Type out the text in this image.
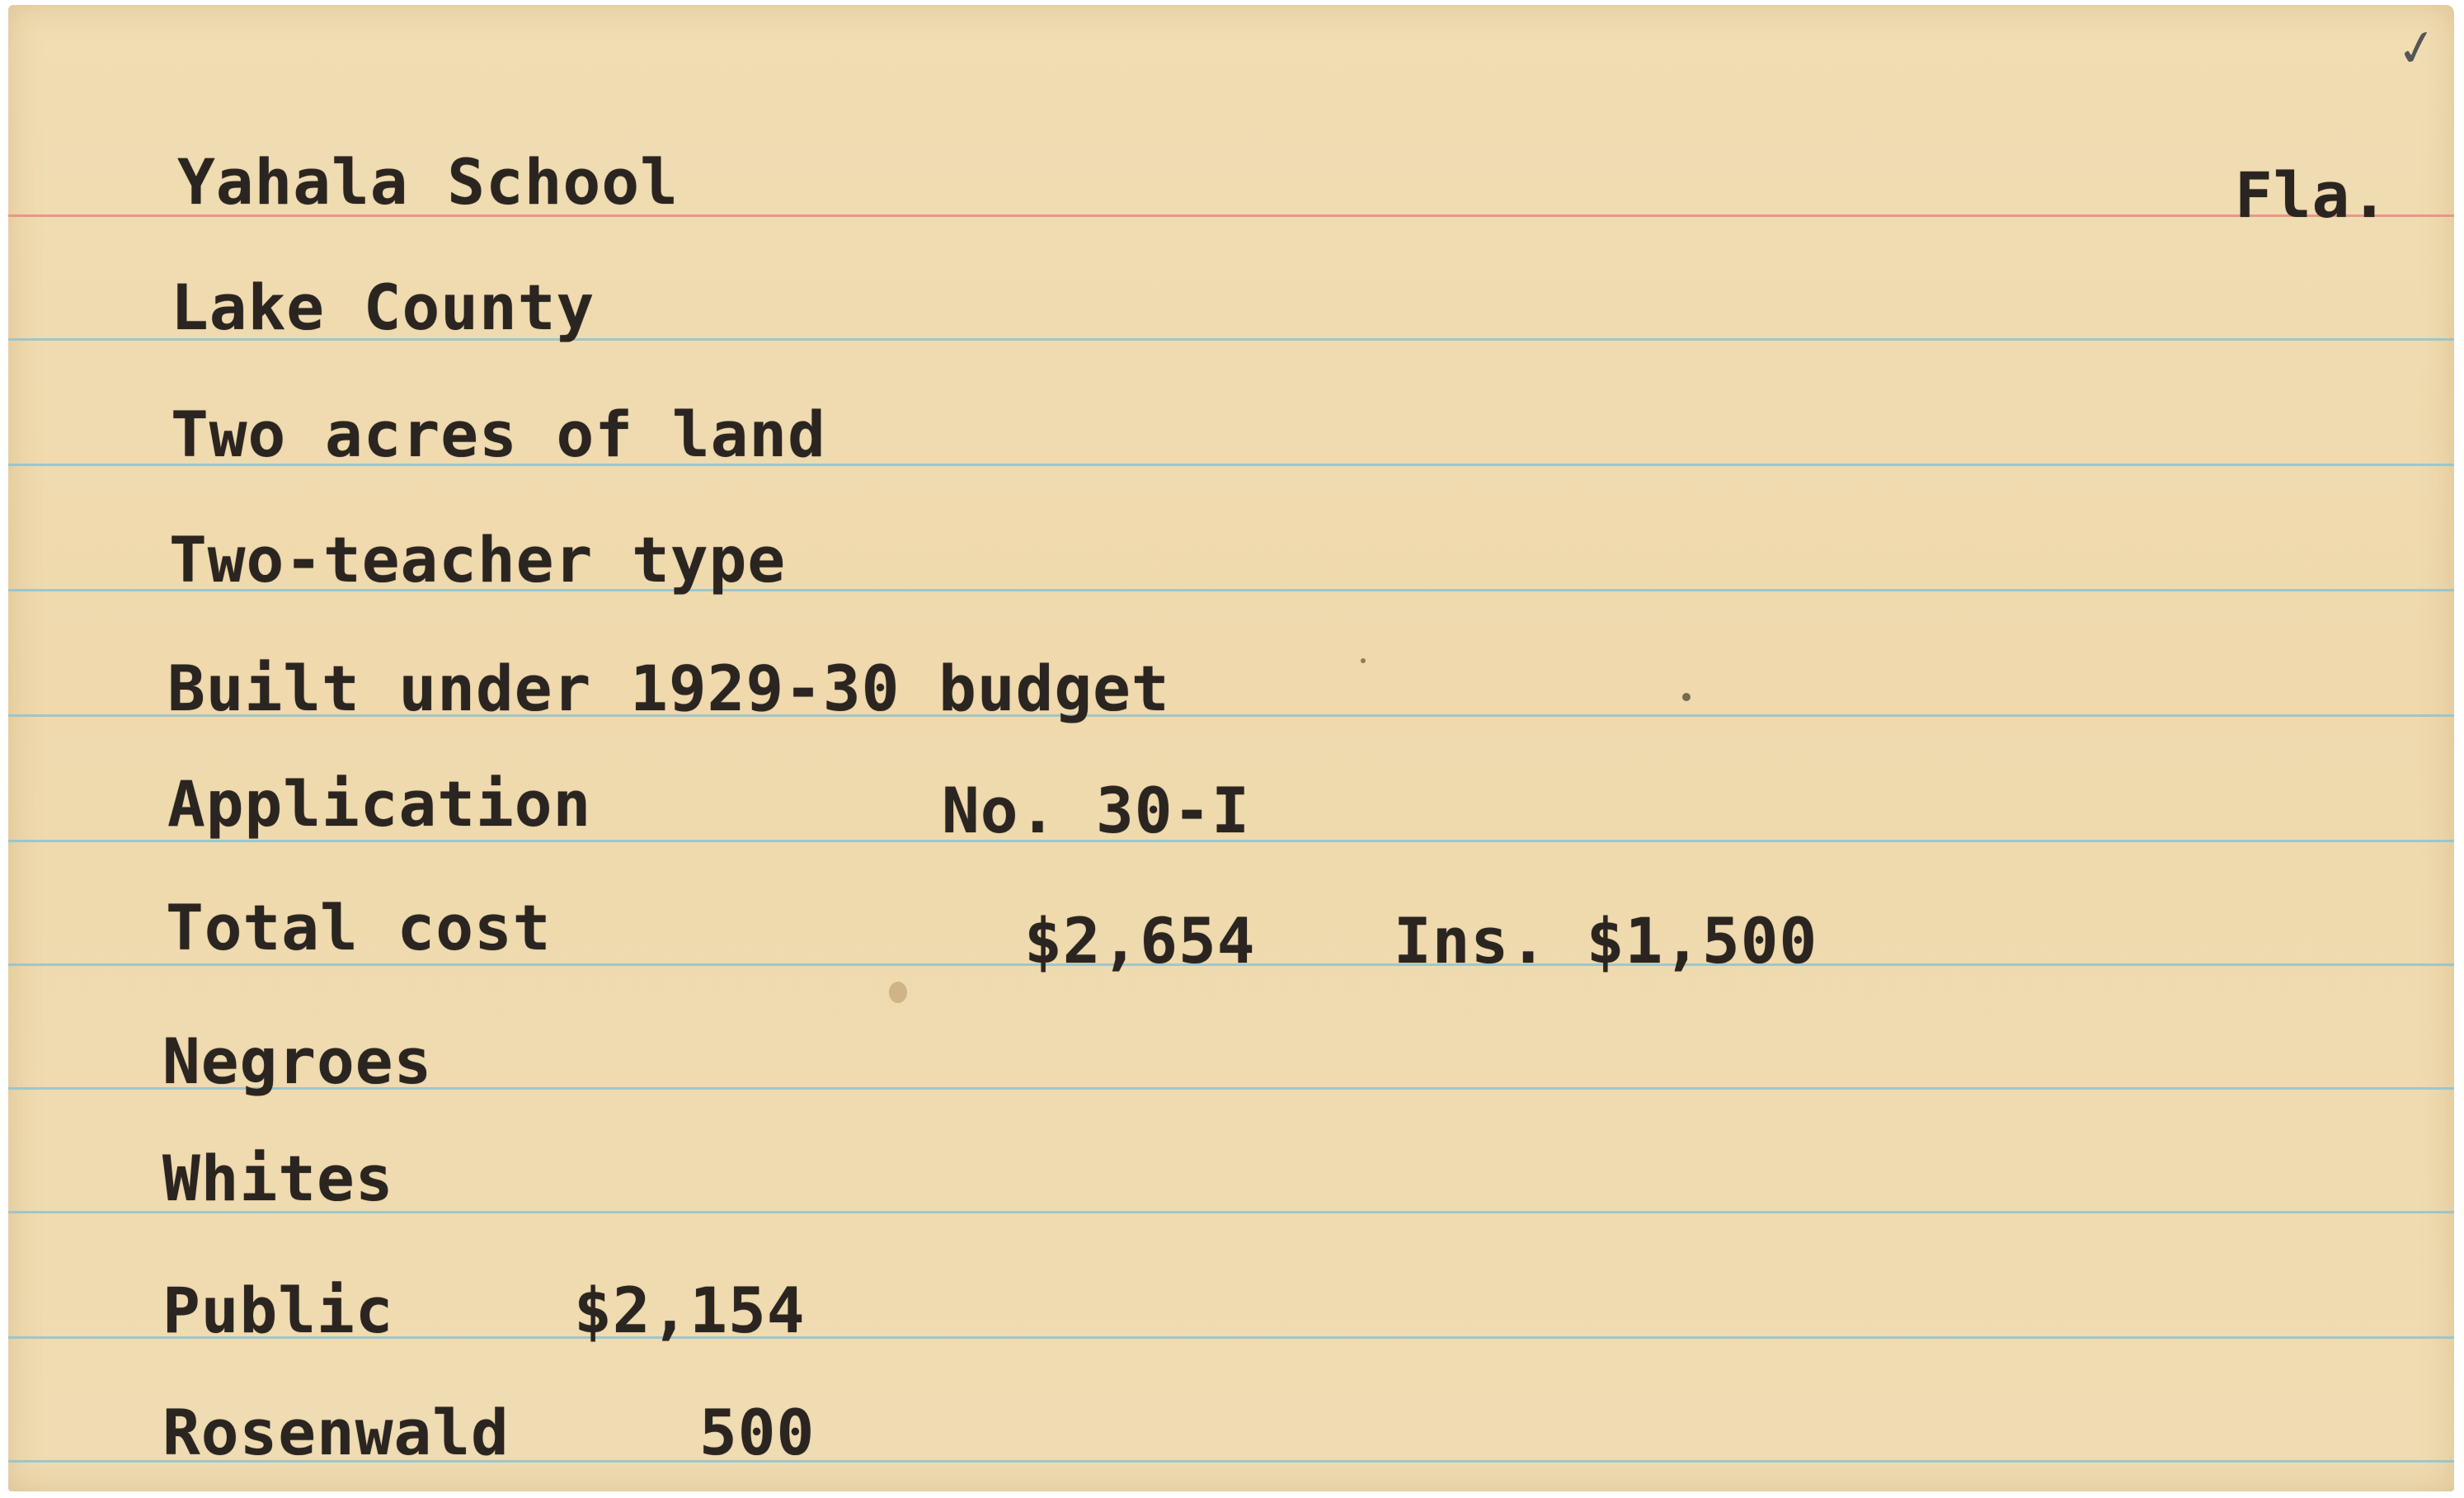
✓
Yahala School	Fla.
Lake County
Two acres of land
Two-teacher type
Built under 1929-30 budget
Application	No. 30-I
Total cost	$2,654 Ins. $1,500
Negroes
Whites
Public	$2,154
Rosenwald	500
